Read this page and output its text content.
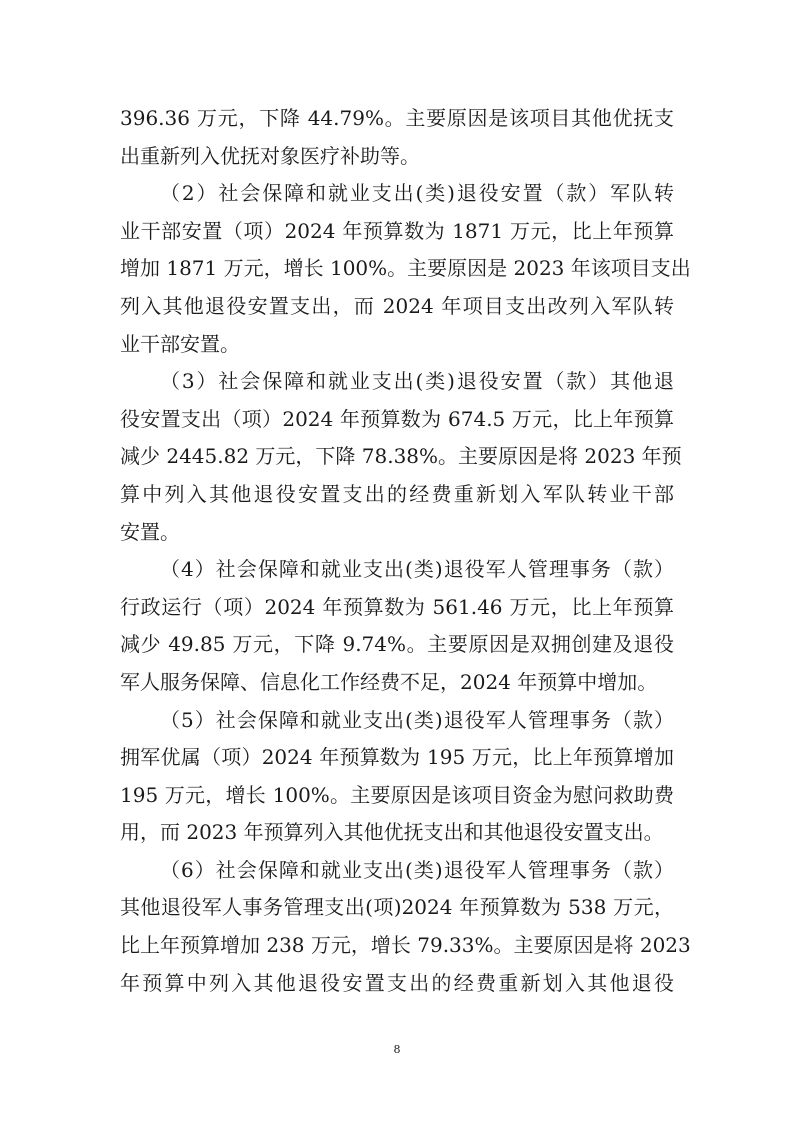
396.36 万元，下降 44.79%。主要原因是该项目其他优抚支
出重新列入优抚对象医疗补助等。
（2）社会保障和就业支出(类)退役安置（款）军队转
业干部安置（项）2024 年预算数为 1871 万元，比上年预算
增加 1871 万元，增长 100%。主要原因是 2023 年该项目支出
列入其他退役安置支出，而 2024 年项目支出改列入军队转
业干部安置。
（3）社会保障和就业支出(类)退役安置（款）其他退
役安置支出（项）2024 年预算数为 674.5 万元，比上年预算
减少 2445.82 万元，下降 78.38%。主要原因是将 2023 年预
算中列入其他退役安置支出的经费重新划入军队转业干部
安置。
（4）社会保障和就业支出(类)退役军人管理事务（款）
行政运行（项）2024 年预算数为 561.46 万元，比上年预算
减少 49.85 万元，下降 9.74%。主要原因是双拥创建及退役
军人服务保障、信息化工作经费不足，2024 年预算中增加。
（5）社会保障和就业支出(类)退役军人管理事务（款）
拥军优属（项）2024 年预算数为 195 万元，比上年预算增加
195 万元，增长 100%。主要原因是该项目资金为慰问救助费
用，而 2023 年预算列入其他优抚支出和其他退役安置支出。
（6）社会保障和就业支出(类)退役军人管理事务（款）
其他退役军人事务管理支出(项)2024 年预算数为 538 万元，
比上年预算增加 238 万元，增长 79.33%。主要原因是将 2023
年预算中列入其他退役安置支出的经费重新划入其他退役
8
